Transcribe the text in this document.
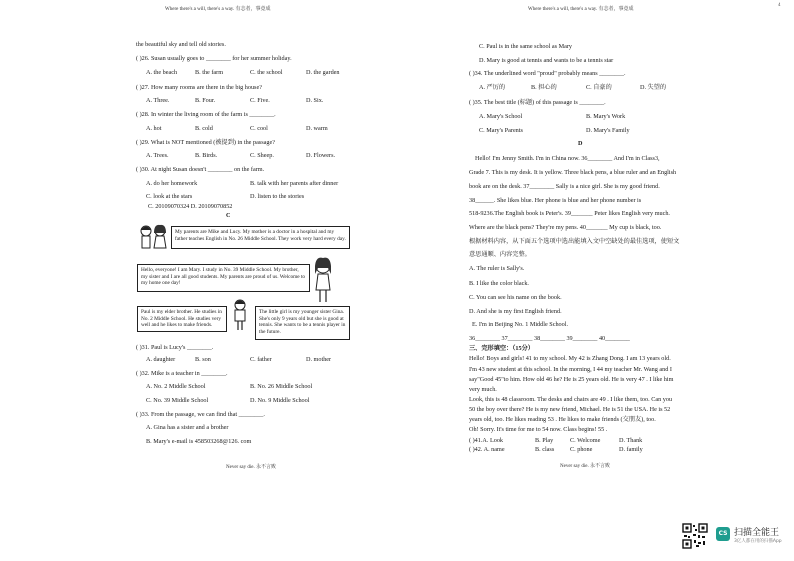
4
Where there's a will, there's a way. 有志者，事竟成
the beautiful sky and tell old stories.
( )26. Susan usually goes to ________ for her summer holiday.
A. the beach	B. the farm	C. the school	D. the garden
( )27. How many rooms are there in the big house?
A. Three.	B. Four.	C. Five.	D. Six.
( )28. In winter the living room of the farm is ________.
A. hot	B. cold	C. cool	D. warm
( )29. What is NOT mentioned (被提到) in the passage?
A. Trees.	B. Birds.	C. Sheep.	D. Flowers.
( )30. At night Susan doesn't ________ on the farm.
A. do her homework	B. talk with her parents after dinner
C. look at the stars	D. listen to the stories
C. 20109070324 D. 20109070852
C
My parents are Mike and Lucy. My mother is a doctor in a hospital and my father teaches English in No. 26 Middle School. They work very hard every day.
Hello, everyone! I am Mary. I study in No. 39 Middle School. My brother, my sister and I are all good students. My parents are proud of us. Welcome to my home one day!
Paul is my elder brother. He studies in No. 2 Middle School. He studies very well and he likes to make friends.
The little girl is my younger sister Gina. She's only 9 years old but she is good at tennis. She wants to be a tennis player in the future.
( )31. Paul is Lucy's ________.
A. daughter	B. son	C. father	D. mother
( )32. Mike is a teacher in ________.
A. No. 2 Middle School	B. No. 26 Middle School
C. No. 39 Middle School	D. No. 9 Middle School
( )33. From the passage, we can find that ________.
A. Gina has a sister and a brother
B. Mary's e-mail is 458503268@126. com
Never say die. 永不言败
Where there's a will, there's a way. 有志者，事竟成
C. Paul is in the same school as Mary
D. Mary is good at tennis and wants to be a tennis star
( )34. The underlined word "proud" probably means ________.
A. 严厉的	B. 担心的	C. 自豪的	D. 失望的
( )35. The best title (标题) of this passage is ________.
A. Mary's School	B. Mary's Work
C. Mary's Parents	D. Mary's Family
D
Hello! I'm Jenny Smith. I'm in China now. 36________ And I'm in Class3,
Grade 7. This is my desk. It is yellow. Three black pens, a blue ruler and an English
book are on the desk. 37________ Sally is a nice girl. She is my good friend.
38______. She likes blue. Her phone is blue and her phone number is
518-9236.The English book is Peter's. 39_______ Peter likes English very much.
Where are the black pens? They're my pens. 40_______ My cup is black, too.
根据材料内容，从下面五个选项中选出能填入文中空缺处的最佳选项，使短文
意思通顺、内容完整。
A. The ruler is Sally's.
B. I like the color black.
C. You can see his name on the book.
D. And she is my first English friend.
E. I'm in Beijing No. 1 Middle School.
36________ 37________ 38________ 39________ 40________
三、完形填空：（15分）
Hello! Boys and girls! 41 to my school. My 42 is Zhang Dong. I am 13 years old.
I'm 43 new student at this school. In the morning, I 44 my teacher Mr. Wang and I
say"Good 45"to him. How old 46 he? He is 25 years old. He is very 47 . I like him
very much.
Look, this is 48 classroom. The desks and chairs are 49 . I like them, too. Can you
50 the boy over there? He is my new friend, Michael. He is 51 the USA. He is 52
years old, too. He likes reading 53 . He likes to make friends (交朋友), too.
Oh! Sorry. It's time for me to 54 now. Class begins! 55 .
( )41.A. Look	B. Play	C. Welcome	D. Thank
( )42. A. name	B. class	C. phone	D. family
Never say die. 永不言败
CS 扫描全能王
3亿人都在用的扫描App
